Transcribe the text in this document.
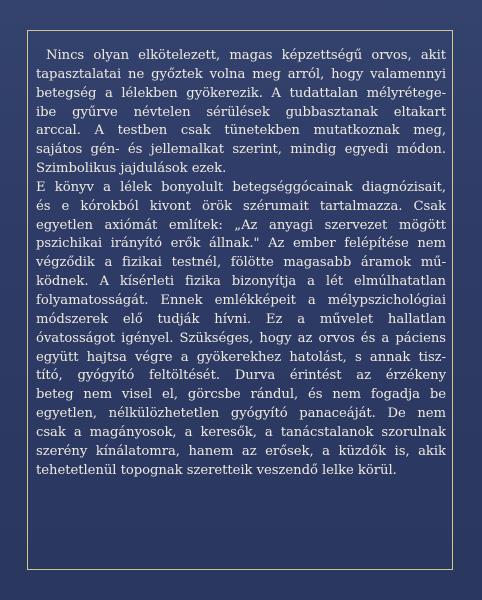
Nincs olyan elkötelezett, magas képzettségű orvos, akit
tapasztalatai ne győztek volna meg arról, hogy valamennyi
betegség a lélekben gyökerezik. A tudattalan mélyrétege-
ibe gyűrve névtelen sérülések gubbasztanak eltakart
arccal. A testben csak tünetekben mutatkoznak meg,
sajátos gén- és jellemalkat szerint, mindig egyedi módon.
Szimbolikus jajdulások ezek.
E könyv a lélek bonyolult betegséggócainak diagnózisait,
és e kórokból kivont örök szérumait tartalmazza. Csak
egyetlen axiómát említek: „Az anyagi szervezet mögött
pszichikai irányító erők állnak." Az ember felépítése nem
végződik a fizikai testnél, fölötte magasabb áramok mű-
ködnek. A kísérleti fizika bizonyítja a lét elmúlhatatlan
folyamatosságát. Ennek emlékképeit a mélypszichológiai
módszerek elő tudják hívni. Ez a művelet hallatlan
óvatosságot igényel. Szükséges, hogy az orvos és a páciens
együtt hajtsa végre a gyökerekhez hatolást, s annak tisz-
tító, gyógyító feltöltését. Durva érintést az érzékeny
beteg nem visel el, görcsbe rándul, és nem fogadja be
egyetlen, nélkülözhetetlen gyógyító panaceáját. De nem
csak a magányosok, a keresők, a tanácstalanok szorulnak
szerény kínálatomra, hanem az erősek, a küzdők is, akik
tehetetlenül topognak szeretteik veszendő lelke körül.
